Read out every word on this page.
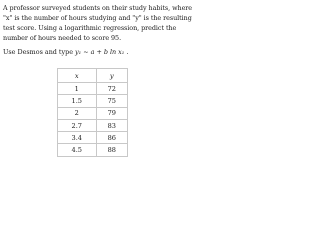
A professor surveyed students on their study habits, where "x" is the number of hours studying and "y" is the resulting test score. Using a logarithmic regression, predict the number of hours needed to score 95.
Use Desmos and type y₁ ~ a + b ln x₁ .
x	y
1	72
1.5	75
2	79
2.7	83
3.4	86
4.5	88
